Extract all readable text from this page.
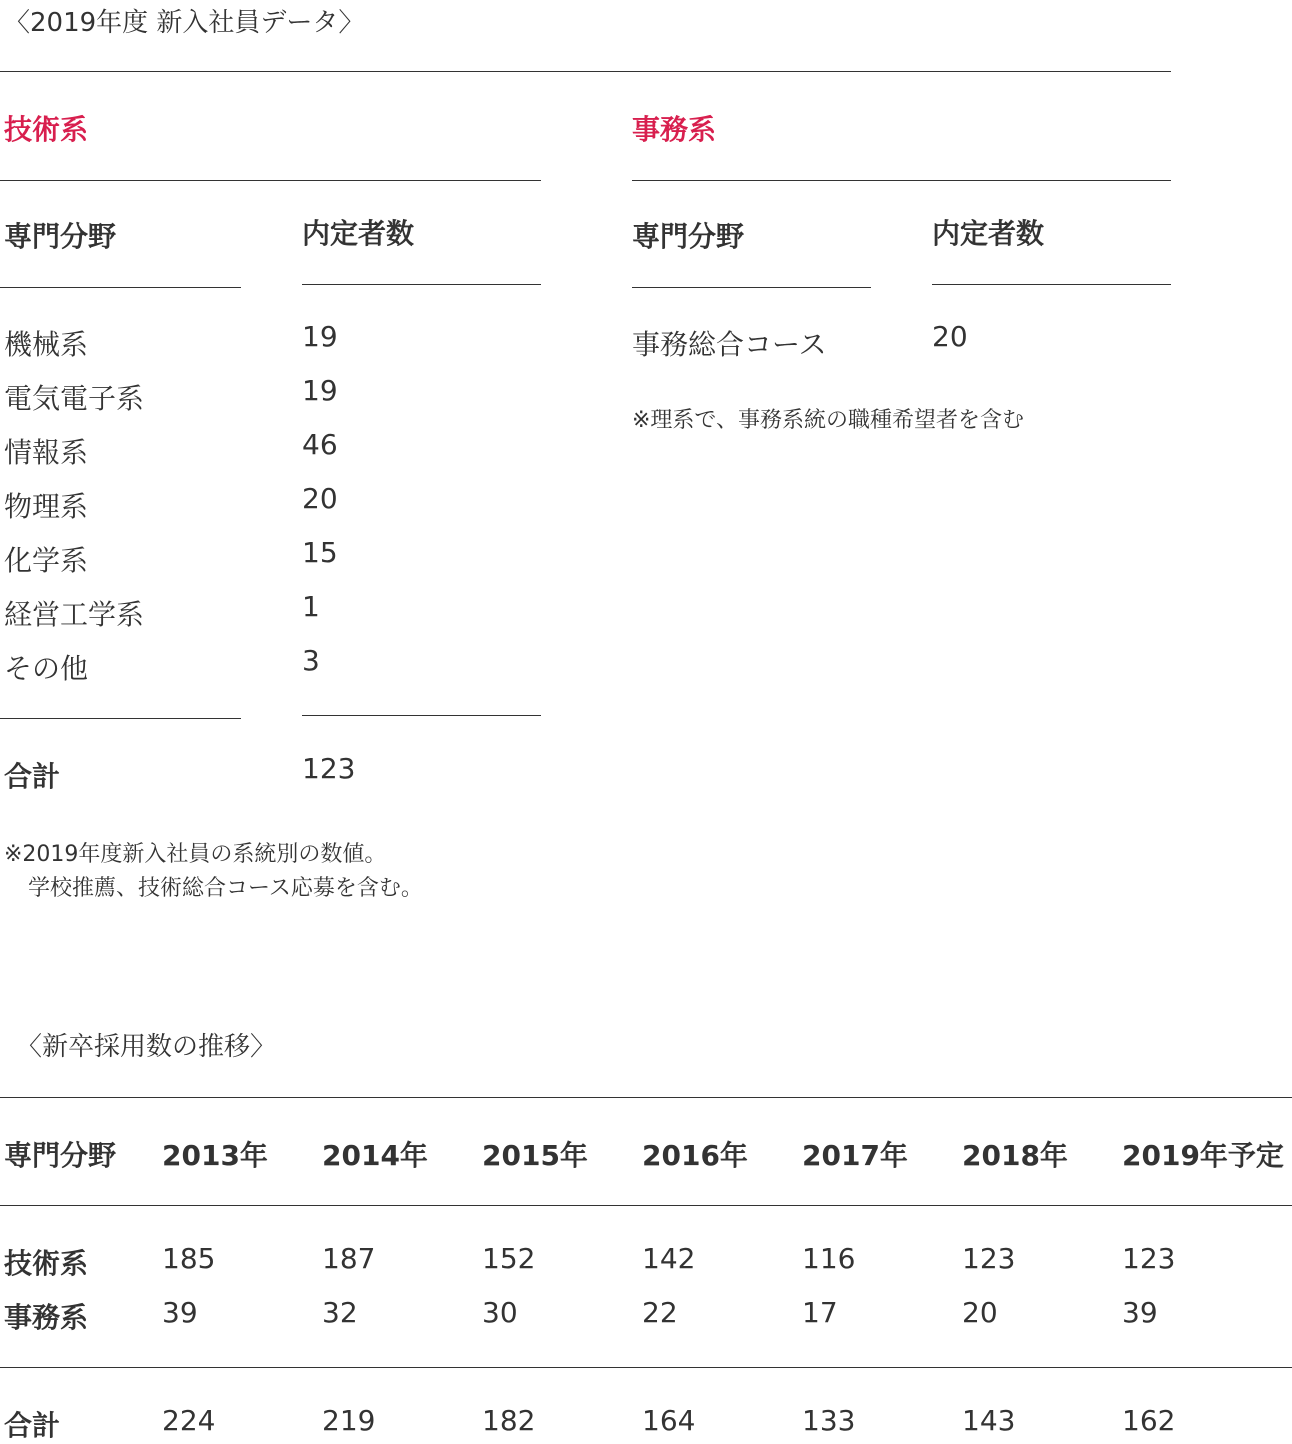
〈2019年度 新入社員データ〉
技術系
専門分野	内定者数
機械系	19
電気電子系	19
情報系	46
物理系	20
化学系	15
経営工学系	1
その他	3
合計	123
※2019年度新入社員の系統別の数値。
学校推薦、技術総合コース応募を含む。
事務系
専門分野	内定者数
事務総合コース	20
※理系で、事務系統の職種希望者を含む
〈新卒採用数の推移〉
専門分野 2013年 2014年 2015年 2016年 2017年 2018年 2019年予定
技術系	185	187	152	142	116	123	123
事務系	39	32	30	22	17	20	39
合計	224	219	182	164	133	143	162
